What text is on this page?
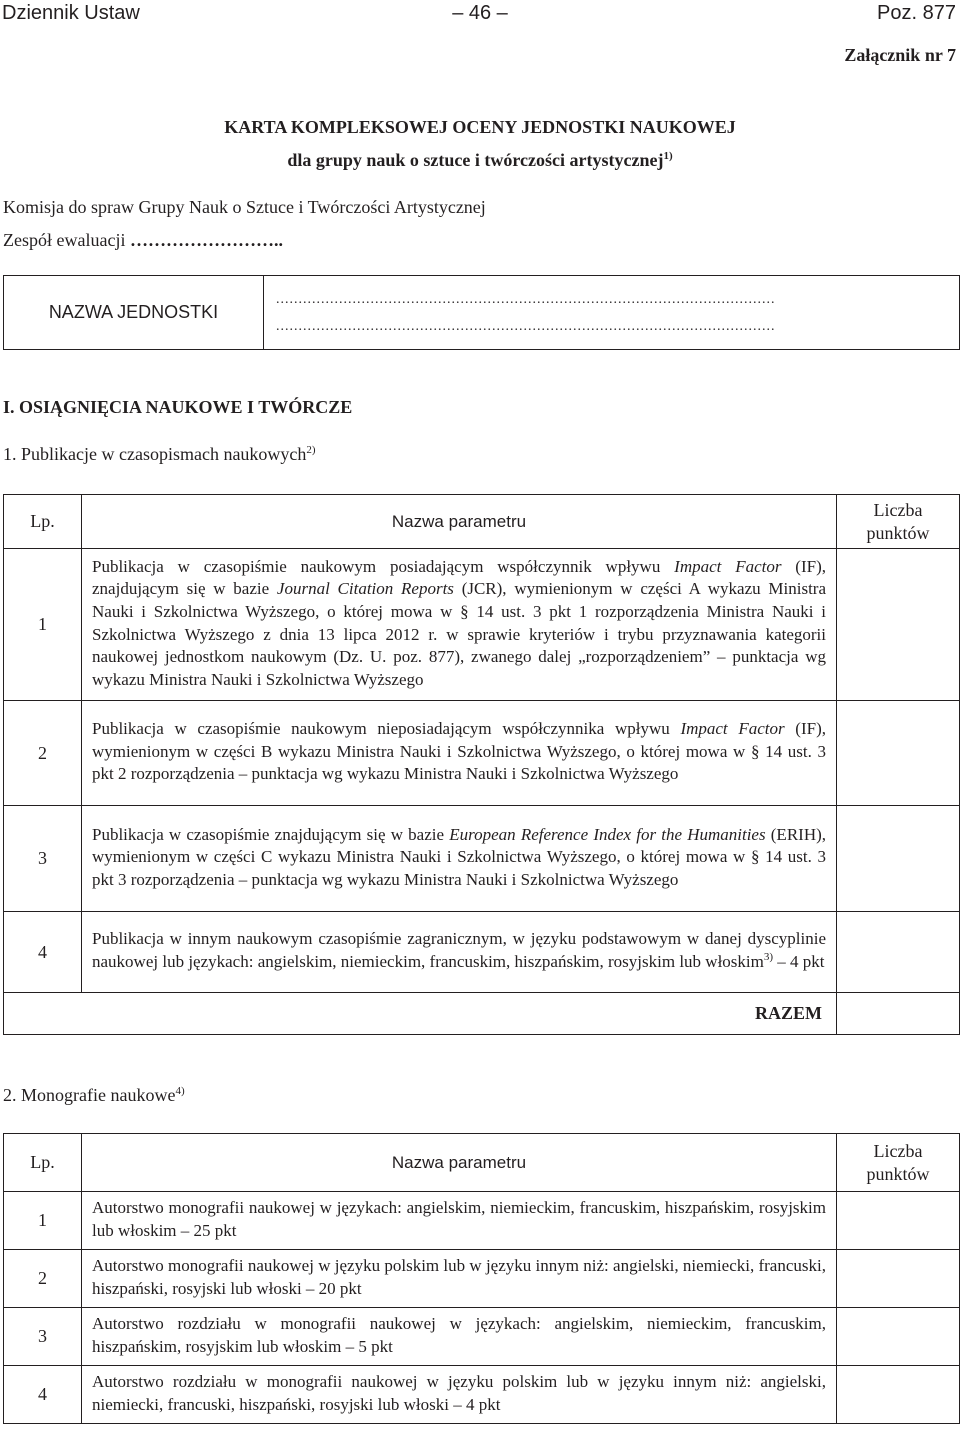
Dziennik Ustaw	– 46 –	Poz. 877
Załącznik nr 7
KARTA KOMPLEKSOWEJ OCENY JEDNOSTKI NAUKOWEJ
dla grupy nauk o sztuce i twórczości artystycznej$^{1)}$
Komisja do spraw Grupy Nauk o Sztuce i Twórczości Artystycznej
Zespół ewaluacji ……………………..
NAZWA JEDNOSTKI	
...............................................................................................................
...............................................................................................................
I. OSIĄGNIĘCIA NAUKOWE I TWÓRCZE
1. Publikacje w czasopismach naukowych$^{2)}$
Lp.	Nazwa parametru	Liczba
punktów

1	Publikacja w czasopiśmie naukowym posiadającym współczynnik wpływu Impact Factor (IF), znajdującym się w bazie Journal Citation Reports (JCR), wymienionym w części A wykazu Ministra Nauki i Szkolnictwa Wyższego, o której mowa w § 14 ust. 3 pkt 1 rozporządzenia Ministra Nauki i Szkolnictwa Wyższego z dnia 13 lipca 2012 r. w sprawie kryteriów i trybu przyznawania kategorii naukowej jednostkom naukowym (Dz. U. poz. 877), zwanego dalej „rozporządzeniem” – punktacja wg wykazu Ministra Nauki i Szkolnictwa Wyższego	
2	Publikacja w czasopiśmie naukowym nieposiadającym współczynnika wpływu Impact Factor (IF), wymienionym w części B wykazu Ministra Nauki i Szkolnictwa Wyższego, o której mowa w § 14 ust. 3 pkt 2 rozporządzenia – punktacja wg wykazu Ministra Nauki i Szkolnictwa Wyższego	
3	Publikacja w czasopiśmie znajdującym się w bazie European Reference Index for the Humanities (ERIH), wymienionym w części C wykazu Ministra Nauki i Szkolnictwa Wyższego, o której mowa w § 14 ust. 3 pkt 3 rozporządzenia – punktacja wg wykazu Ministra Nauki i Szkolnictwa Wyższego	
4	Publikacja w innym naukowym czasopiśmie zagranicznym, w języku podstawowym w danej dyscyplinie naukowej lub językach: angielskim, niemieckim, francuskim, hiszpańskim, rosyjskim lub włoskim$^{3)}$ – 4 pkt	
	RAZEM	
2. Monografie naukowe$^{4)}$
Lp.	Nazwa parametru	Liczba
punktów

1	Autorstwo monografii naukowej w językach: angielskim, niemieckim, francuskim, hiszpańskim, rosyjskim lub włoskim – 25 pkt	
2	Autorstwo monografii naukowej w języku polskim lub w języku innym niż: angielski, niemiecki, francuski, hiszpański, rosyjski lub włoski – 20 pkt	
3	Autorstwo rozdziału w monografii naukowej w językach: angielskim, niemieckim, francuskim, hiszpańskim, rosyjskim lub włoskim – 5 pkt	
4	Autorstwo rozdziału w monografii naukowej w języku polskim lub w języku innym niż: angielski, niemiecki, francuski, hiszpański, rosyjski lub włoski – 4 pkt	
